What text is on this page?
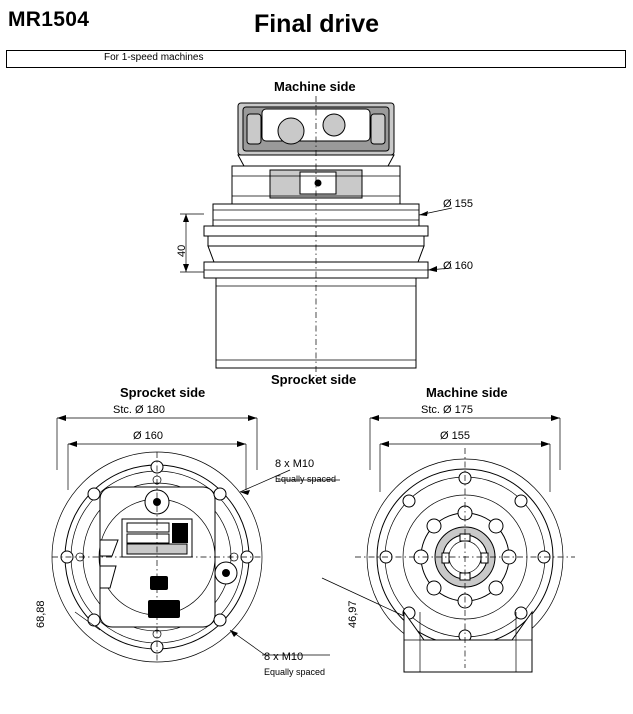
MR1504	Final drive
For 1-speed machines
Machine side
Sprocket side
Sprocket side	Machine side
Ø 155
Ø 160
40
Stc. Ø 180
Ø 160
68,88
8 x M10
Equally spaced
8 x M10
Equally spaced
Stc. Ø 175
Ø 155
46,97
